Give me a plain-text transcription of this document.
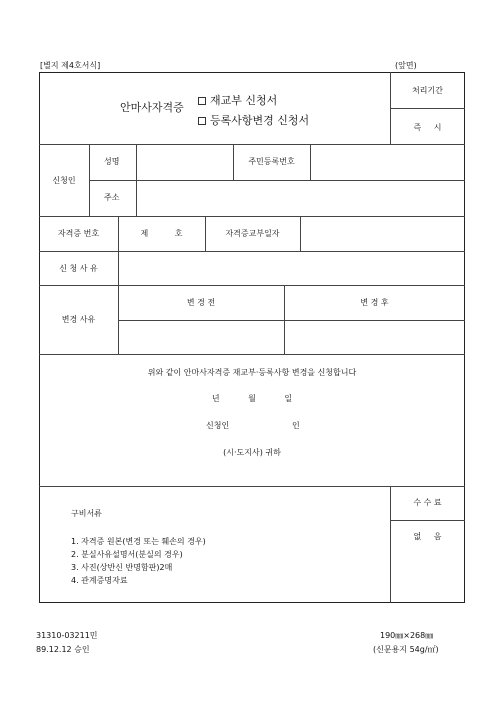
[별지 제4호서식]	(앞면)
안마사자격증
재교부 신청서
등록사항변경 신청서
처리기간
즉 시
신청인
성명	주민등록번호
주소
자격증 번호	제 호	자격증교부일자
신 청 사 유
변경 사유
변 경 전	변 경 후
위와 같이 안마사자격증 재교부·등록사항 변경을 신청합니다
년 월 일
신청인	인
(시·도지사) 귀하
구비서류
1. 자격증 원본(변경 또는 훼손의 경우)
2. 분실사유설명서(분실의 경우)
3. 사진(상반신 반명함판)2매
4. 관계증명자료
수 수 료
없 음
31310-03211민
89.12.12 승인
190㎜×268㎜
(신문용지 54g/㎡)
